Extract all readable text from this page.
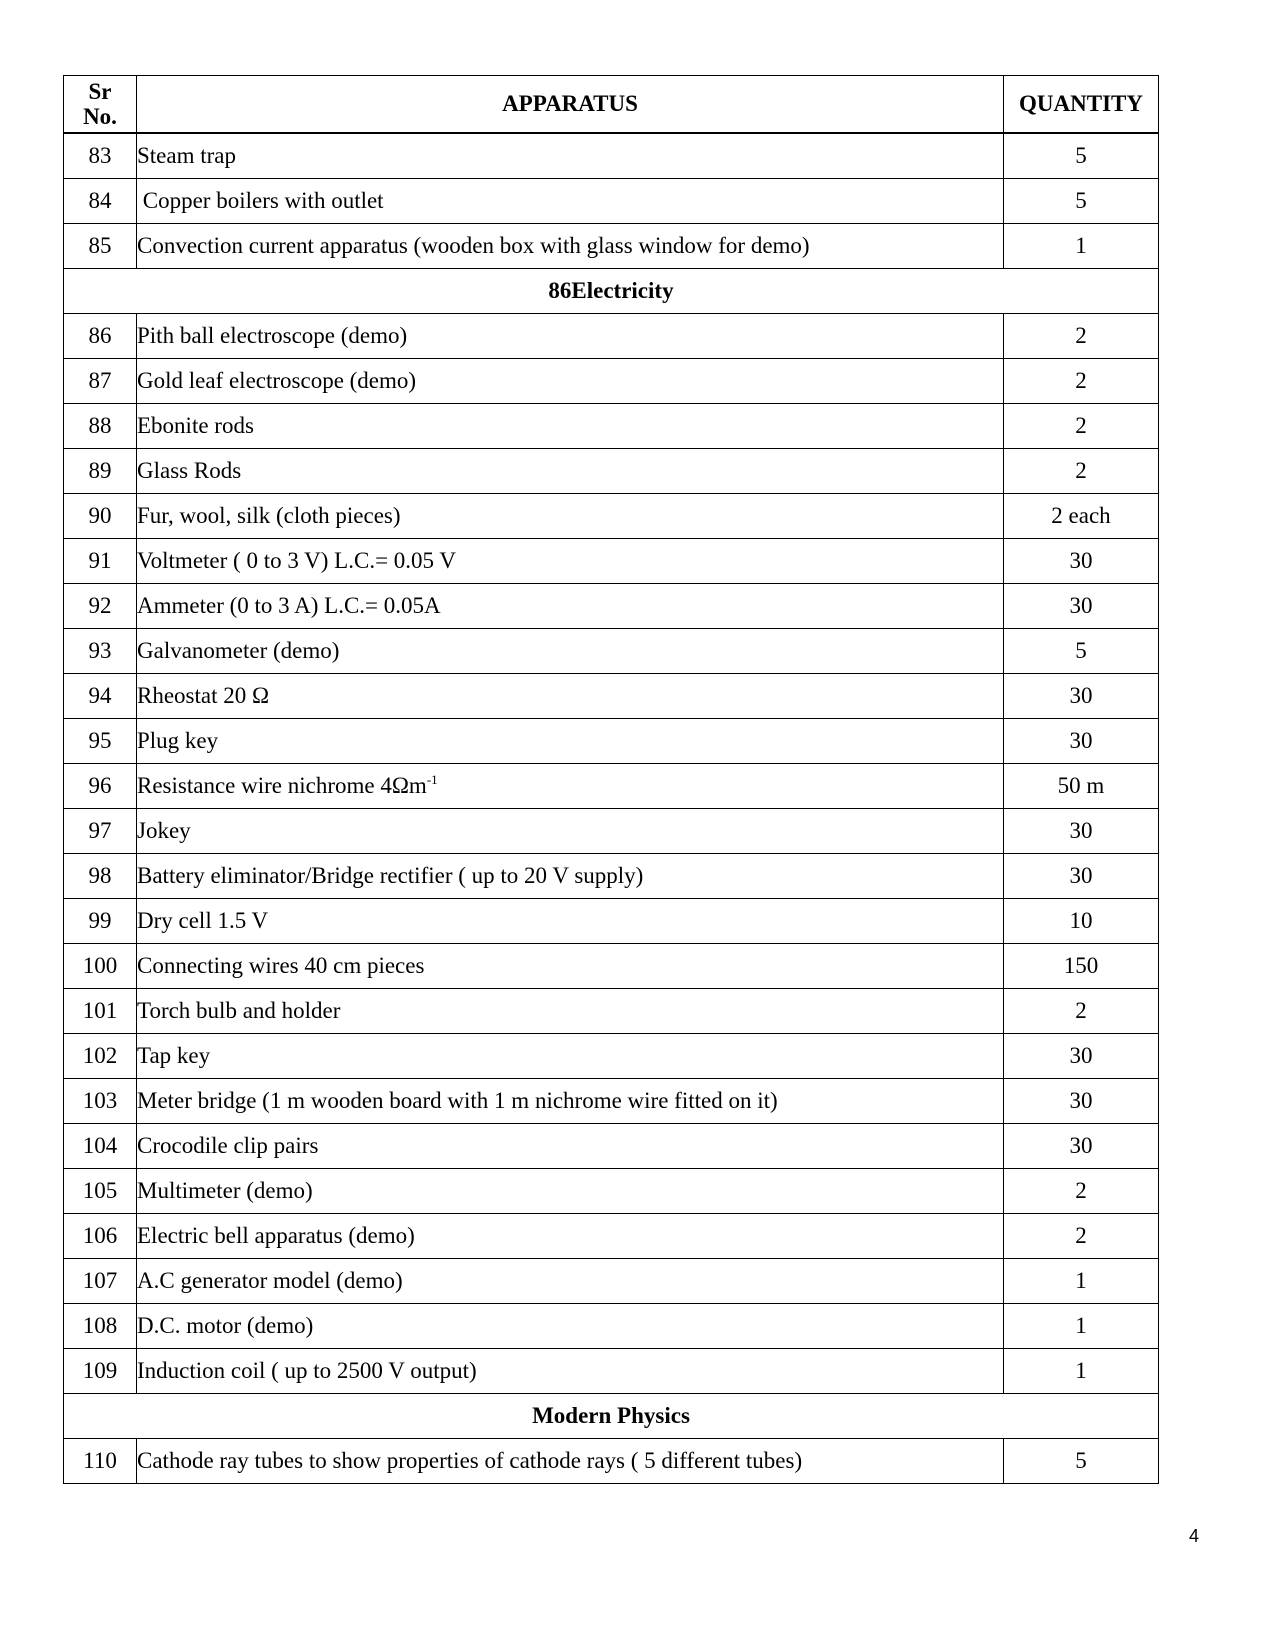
Sr
No.	APPARATUS	QUANTITY
83	Steam trap	5
84	Copper boilers with outlet	5
85	Convection current apparatus (wooden box with glass window for demo)	1
86Electricity		
86	Pith ball electroscope (demo)	2
87	Gold leaf electroscope (demo)	2
88	Ebonite rods	2
89	Glass Rods	2
90	Fur, wool, silk (cloth pieces)	2 each
91	Voltmeter ( 0 to 3 V) L.C.= 0.05 V	30
92	Ammeter (0 to 3 A) L.C.= 0.05A	30
93	Galvanometer (demo)	5
94	Rheostat 20 Ω	30
95	Plug key	30
96	Resistance wire nichrome $4\Omega m^{-1}$	50 m
97	Jokey	30
98	Battery eliminator/Bridge rectifier ( up to 20 V supply)	30
99	Dry cell 1.5 V	10
100	Connecting wires 40 cm pieces	150
101	Torch bulb and holder	2
102	Tap key	30
103	Meter bridge (1 m wooden board with 1 m nichrome wire fitted on it)	30
104	Crocodile clip pairs	30
105	Multimeter (demo)	2
106	Electric bell apparatus (demo)	2
107	A.C generator model (demo)	1
108	D.C. motor (demo)	1
109	Induction coil ( up to 2500 V output)	1
Modern Physics		
110	Cathode ray tubes to show properties of cathode rays ( 5 different tubes)	5
4
